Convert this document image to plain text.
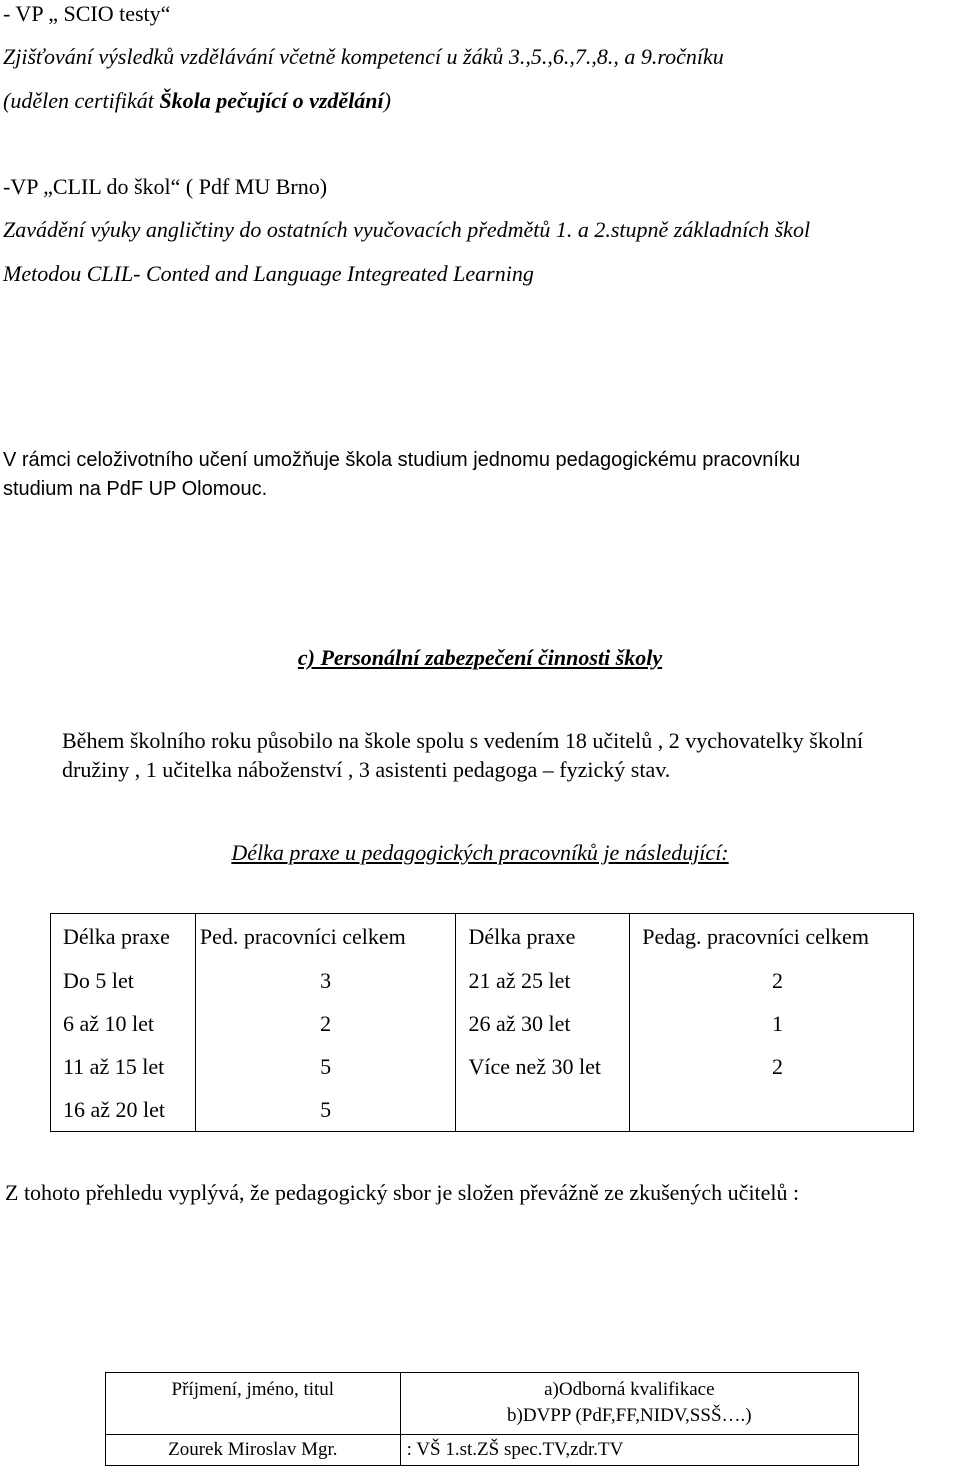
- VP „ SCIO testy“
Zjišťování výsledků vzdělávání včetně kompetencí u žáků 3.,5.,6.,7.,8., a 9.ročníku
(udělen certifikát Škola pečující o vzdělání)
-VP „CLIL do škol“ ( Pdf MU Brno)
Zavádění výuky angličtiny do ostatních vyučovacích předmětů 1. a 2.stupně základních škol
Metodou CLIL- Conted and Language Integreated Learning
V rámci celoživotního učení umožňuje škola studium jednomu pedagogickému pracovníku
studium na PdF UP Olomouc.
c) Personální zabezpečení činnosti školy
Během školního roku působilo na škole spolu s vedením 18 učitelů , 2 vychovatelky školní
družiny , 1 učitelka náboženství , 3 asistenti pedagoga – fyzický stav.
Délka praxe u pedagogických pracovníků je následující:
Délka praxe	Ped. pracovníci celkem	Délka praxe	Pedag. pracovníci celkem
Do 5 let	3	21 až 25 let	2
6 až 10 let	2	26 až 30 let	1
11 až 15 let	5	Více než 30 let	2
16 až 20 let	5		
Z tohoto přehledu vyplývá, že pedagogický sbor je složen převážně ze zkušených učitelů :
Příjmení, jméno, titul	a)Odborná kvalifikace
b)DVPP (PdF,FF,NIDV,SSŠ….)

Zourek Miroslav Mgr.	: VŠ 1.st.ZŠ spec.TV,zdr.TV
